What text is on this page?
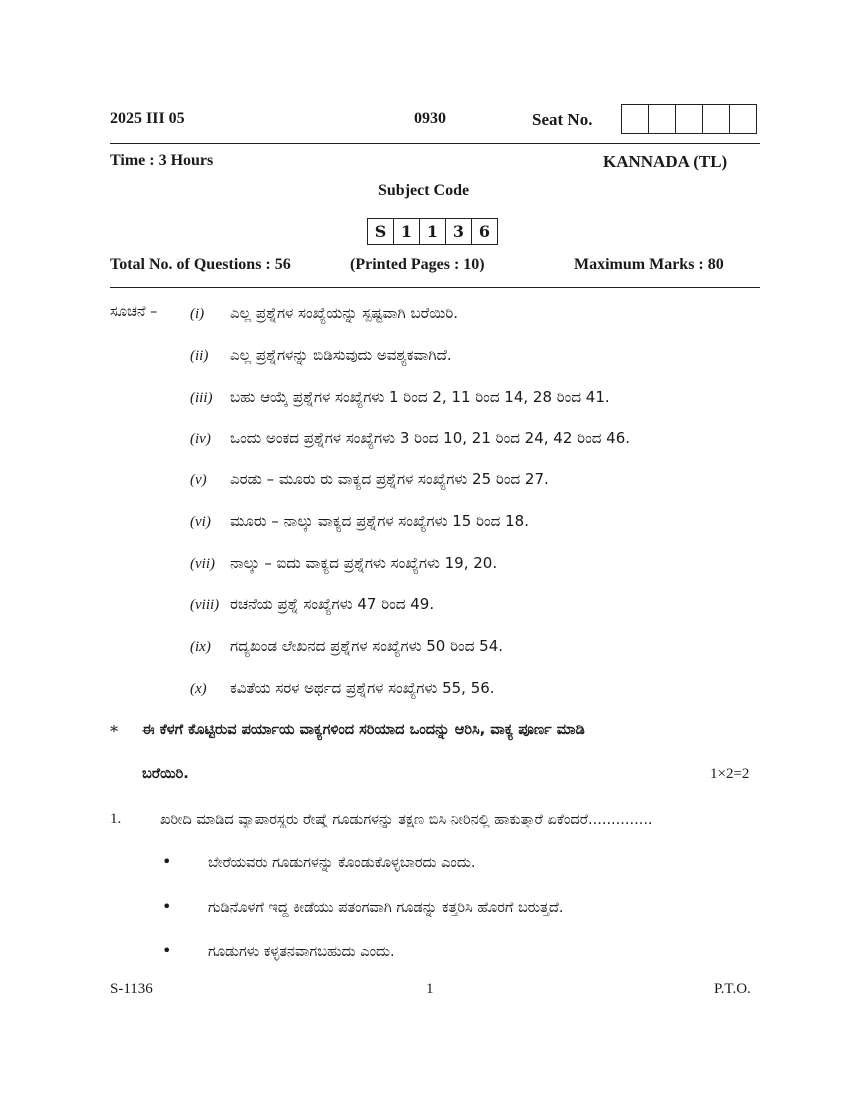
2025 III 05	0930	Seat No.
Time : 3 Hours	KANNADA (TL)
Subject Code
S 1 1 3 6
Total No. of Questions : 56	(Printed Pages : 10)	Maximum Marks : 80
ಸೂಚನೆ – (i) ಎಲ್ಲ ಪ್ರಶ್ನೆಗಳ ಸಂಖ್ಯೆಯನ್ನು ಸ್ಪಷ್ಟವಾಗಿ ಬರೆಯಿರಿ.
(ii) ಎಲ್ಲ ಪ್ರಶ್ನೆಗಳನ್ನು ಬಿಡಿಸುವುದು ಅವಶ್ಯಕವಾಗಿದೆ.
(iii) ಬಹು ಆಯ್ಕೆ ಪ್ರಶ್ನೆಗಳ ಸಂಖ್ಯೆಗಳು 1 ರಿಂದ 2, 11 ರಿಂದ 14, 28 ರಿಂದ 41.
(iv) ಒಂದು ಅಂಕದ ಪ್ರಶ್ನೆಗಳ ಸಂಖ್ಯೆಗಳು 3 ರಿಂದ 10, 21 ರಿಂದ 24, 42 ರಿಂದ 46.
(v) ಎರಡು – ಮೂರು ರು ವಾಕ್ಯದ ಪ್ರಶ್ನೆಗಳ ಸಂಖ್ಯೆಗಳು 25 ರಿಂದ 27.
(vi) ಮೂರು – ನಾಲ್ಕು ವಾಕ್ಯದ ಪ್ರಶ್ನೆಗಳ ಸಂಖ್ಯೆಗಳು 15 ರಿಂದ 18.
(vii) ನಾಲ್ಕು – ಐದು ವಾಕ್ಯದ ಪ್ರಶ್ನೆಗಳು ಸಂಖ್ಯೆಗಳು 19, 20.
(viii) ರಚನೆಯ ಪ್ರಶ್ನೆ ಸಂಖ್ಯೆಗಳು 47 ರಿಂದ 49.
(ix) ಗದ್ಯಖಂಡ ಲೇಖನದ ಪ್ರಶ್ನೆಗಳ ಸಂಖ್ಯೆಗಳು 50 ರಿಂದ 54.
(x) ಕವಿತೆಯ ಸರಳ ಅರ್ಥದ ಪ್ರಶ್ನೆಗಳ ಸಂಖ್ಯೆಗಳು 55, 56.
* ಈ ಕೆಳಗೆ ಕೊಟ್ಟಿರುವ ಪರ್ಯಾಯ ವಾಕ್ಯಗಳಿಂದ ಸರಿಯಾದ ಒಂದನ್ನು ಆರಿಸಿ, ವಾಕ್ಯ ಪೂರ್ಣ ಮಾಡಿ
ಬರೆಯಿರಿ.	1×2=2
1.	ಖರೀದಿ ಮಾಡಿದ ವ್ಯಾಪಾರಸ್ಥರು ರೇಷ್ಮೆ ಗೂಡುಗಳನ್ನು ತಕ್ಷಣ ಬಿಸಿ ನೀರಿನಲ್ಲಿ ಹಾಕುತ್ತಾರೆ ಏಕೆಂದರೆ..............
•	ಬೇರೆಯವರು ಗೂಡುಗಳನ್ನು ಕೊಂಡುಕೊಳ್ಳಬಾರದು ಎಂದು.
•	ಗುಡಿನೊಳಗೆ ಇದ್ದ ಕೀಡೆಯು ಪತಂಗವಾಗಿ ಗೂಡನ್ನು ಕತ್ತರಿಸಿ ಹೊರಗೆ ಬರುತ್ತದೆ.
•	ಗೂಡುಗಳು ಕಳ್ಳತನವಾಗಬಹುದು ಎಂದು.
S-1136	1	P.T.O.
